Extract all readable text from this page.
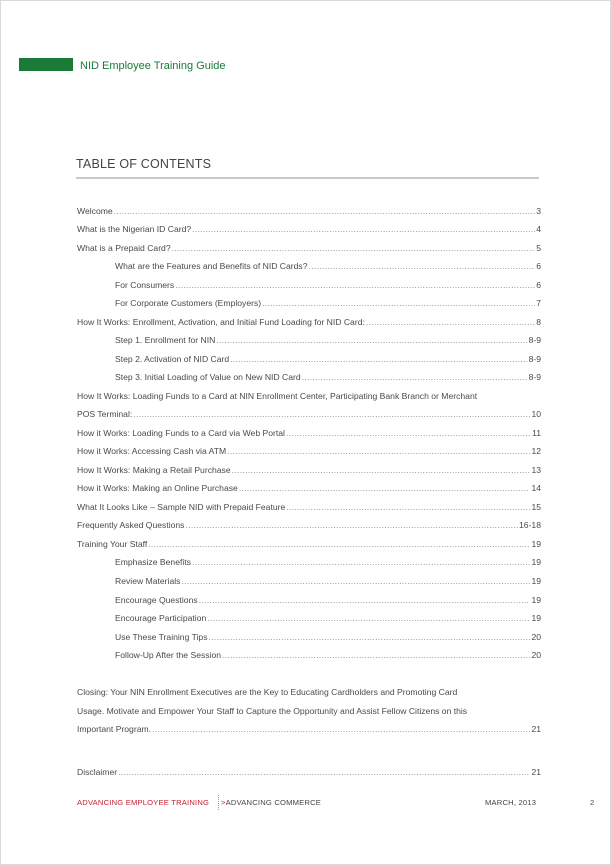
NID Employee Training Guide
TABLE OF CONTENTS
Welcome .....	3
What is the Nigerian ID Card? .....	4
What is a Prepaid Card? .....	5
What are the Features and Benefits of NID Cards? .....	6
For Consumers .....	6
For Corporate Customers (Employers) .....	7
How It Works: Enrollment, Activation, and Initial Fund Loading for NID Card: .....	8
Step 1. Enrollment for NIN .....	8-9
Step 2. Activation of NID Card .....	8-9
Step 3. Initial Loading of Value on New NID Card .....	8-9
How It Works: Loading Funds to a Card at NIN Enrollment Center, Participating Bank Branch or Merchant
POS Terminal: .....	10
How it Works: Loading Funds to a Card via Web Portal .....	11
How it Works: Accessing Cash via ATM .....	12
How It Works: Making a Retail Purchase .....	13
How it Works: Making an Online Purchase .....	14
What It Looks Like – Sample NID with Prepaid Feature .....	15
Frequently Asked Questions .....	16-18
Training Your Staff .....	19
Emphasize Benefits .....	19
Review Materials .....	19
Encourage Questions .....	19
Encourage Participation .....	19
Use These Training Tips .....	20
Follow-Up After the Session .....	20
Closing: Your NIN Enrollment Executives are the Key to Educating Cardholders and Promoting Card
Usage. Motivate and Empower Your Staff to Capture the Opportunity and Assist Fellow Citizens on this
Important Program. .....	21
Disclaimer .....	21
ADVANCING EMPLOYEE TRAINING >ADVANCING COMMERCE	MARCH, 2013	2
